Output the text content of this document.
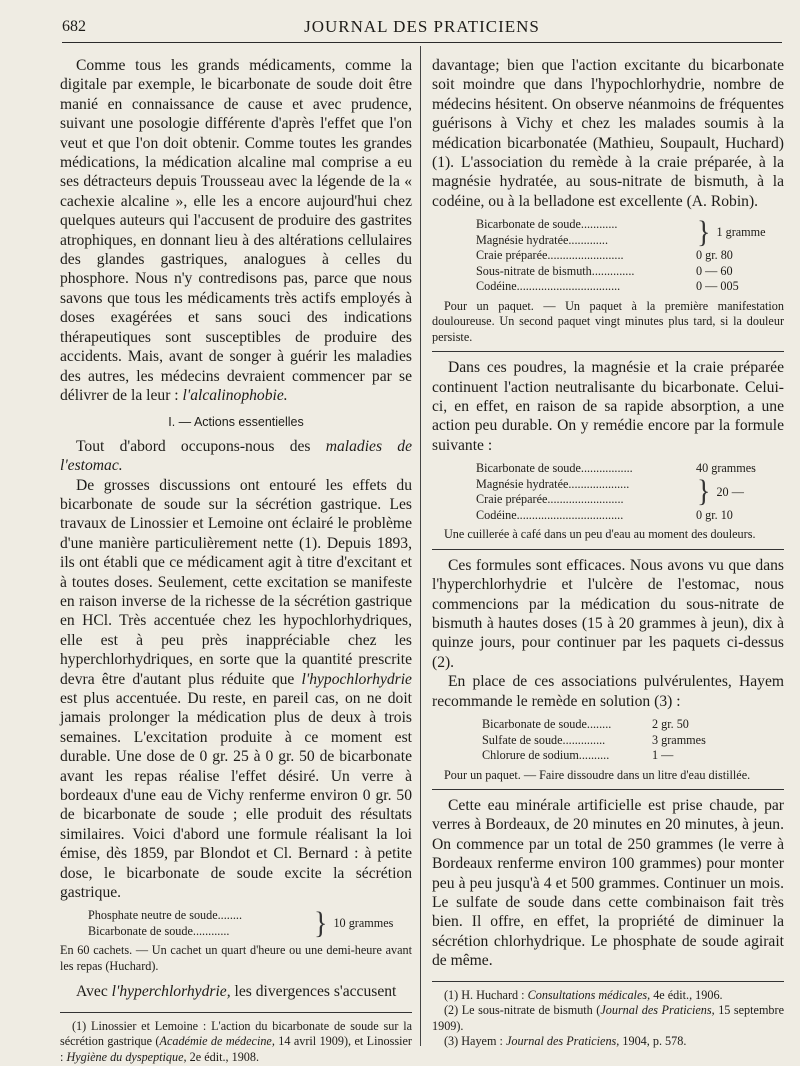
682	JOURNAL DES PRATICIENS

Comme tous les grands médicaments, comme la digitale par exemple, le bicarbonate de soude doit être manié en connaissance de cause et avec prudence, suivant une posologie différente d'après l'effet que l'on veut et que l'on doit obtenir. Comme toutes les grandes médications, la médication alcaline mal comprise a eu ses détracteurs depuis Trousseau avec la légende de la « cachexie alcaline », elle les a encore aujourd'hui chez quelques auteurs qui l'accusent de produire des gastrites atrophiques, en donnant lieu à des altérations cellulaires des glandes gastriques, analogues à celles du phosphore. Nous n'y contredisons pas, parce que nous savons que tous les médicaments très actifs employés à doses exagérées et sans souci des indications thérapeutiques sont susceptibles de produire des accidents. Mais, avant de songer à guérir les maladies des autres, les médecins devraient commencer par se délivrer de la leur : l'alcalinophobie.

I. — Actions essentielles

Tout d'abord occupons-nous des maladies de l'estomac.

De grosses discussions ont entouré les effets du bicarbonate de soude sur la sécrétion gastrique. Les travaux de Linossier et Lemoine ont éclairé le problème d'une manière particulièrement nette (1). Depuis 1893, ils ont établi que ce médicament agit à titre d'excitant et à toutes doses. Seulement, cette excitation se manifeste en raison inverse de la richesse de la sécrétion gastrique en HCl. Très accentuée chez les hypochlorhydriques, elle est à peu près inappréciable chez les hyperchlorhydriques, en sorte que la quantité prescrite devra être d'autant plus réduite que l'hypochlorhydrie est plus accentuée. Du reste, en pareil cas, on ne doit jamais prolonger la médication plus de deux à trois semaines. L'excitation produite à ce moment est durable. Une dose de 0 gr. 25 à 0 gr. 50 de bicarbonate avant les repas réalise l'effet désiré. Un verre à bordeaux d'une eau de Vichy renferme environ 0 gr. 50 de bicarbonate de soude ; elle produit des résultats similaires. Voici d'abord une formule réalisant la loi émise, dès 1859, par Blondot et Cl. Bernard : à petite dose, le bicarbonate de soude excite la sécrétion gastrique.

Phosphate neutre de soude........
Bicarbonate de soude............	} 10 grammes

En 60 cachets. — Un cachet un quart d'heure ou une demi-heure avant les repas (Huchard).

Avec l'hyperchlorhydrie, les divergences s'accusent

(1) Linossier et Lemoine : L'action du bicarbonate de soude sur la sécrétion gastrique (Académie de médecine, 14 avril 1909), et Linossier : Hygiène du dyspeptique, 2e édit., 1908.

davantage; bien que l'action excitante du bicarbonate soit moindre que dans l'hypochlorhydrie, nombre de médecins hésitent. On observe néanmoins de fréquentes guérisons à Vichy et chez les malades soumis à la médication bicarbonatée (Mathieu, Soupault, Huchard) (1). L'association du remède à la craie préparée, à la magnésie hydratée, au sous-nitrate de bismuth, à la codéine, ou à la belladone est excellente (A. Robin).

Bicarbonate de soude............
Magnésie hydratée.............	} 1 gramme
Craie préparée.........................	0 gr. 80
Sous-nitrate de bismuth..............	0 — 60
Codéine..................................	0 — 005

Pour un paquet. — Un paquet à la première manifestation douloureuse. Un second paquet vingt minutes plus tard, si la douleur persiste.

Dans ces poudres, la magnésie et la craie préparée continuent l'action neutralisante du bicarbonate. Celui-ci, en effet, en raison de sa rapide absorption, a une action peu durable. On y remédie encore par la formule suivante :

Bicarbonate de soude.................	40 grammes
Magnésie hydratée....................
Craie préparée.........................	} 20 —
Codéine...................................	0 gr. 10

Une cuillerée à café dans un peu d'eau au moment des douleurs.

Ces formules sont efficaces. Nous avons vu que dans l'hyperchlorhydrie et l'ulcère de l'estomac, nous commencions par la médication du sous-nitrate de bismuth à hautes doses (15 à 20 grammes à jeun), dix à quinze jours, pour continuer par les paquets ci-dessus (2).

En place de ces associations pulvérulentes, Hayem recommande le remède en solution (3) :

Bicarbonate de soude........	2 gr. 50
Sulfate de soude..............	3 grammes
Chlorure de sodium..........	1 —

Pour un paquet. — Faire dissoudre dans un litre d'eau distillée.

Cette eau minérale artificielle est prise chaude, par verres à Bordeaux, de 20 minutes en 20 minutes, à jeun. On commence par un total de 250 grammes (le verre à Bordeaux renferme environ 100 grammes) pour monter peu à peu jusqu'à 4 et 500 grammes. Continuer un mois. Le sulfate de soude dans cette combinaison fait très bien. Il offre, en effet, la propriété de diminuer la sécrétion chlorhydrique. Le phosphate de soude agirait de même.

(1) H. Huchard : Consultations médicales, 4e édit., 1906.

(2) Le sous-nitrate de bismuth (Journal des Praticiens, 15 septembre 1909).

(3) Hayem : Journal des Praticiens, 1904, p. 578.
